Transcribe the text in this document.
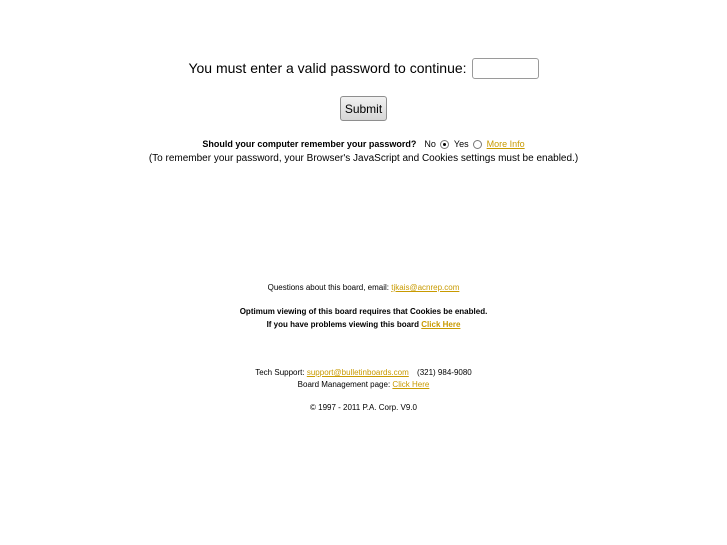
You must enter a valid password to continue:
Submit
Should your computer remember your password? No Yes More Info
(To remember your password, your Browser's JavaScript and Cookies settings must be enabled.)
Questions about this board, email: tjkais@acnrep.com
Optimum viewing of this board requires that Cookies be enabled.
If you have problems viewing this board Click Here
Tech Support: support@bulletinboards.com (321) 984-9080
Board Management page: Click Here
© 1997 - 2011 P.A. Corp. V9.0
